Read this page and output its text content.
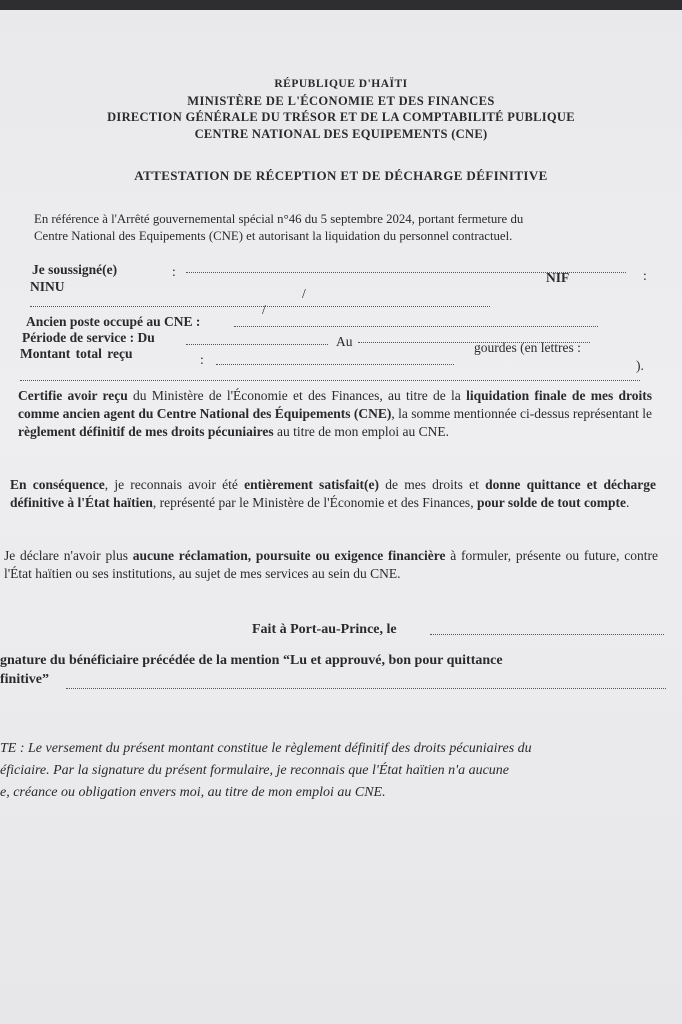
RÉPUBLIQUE D'HAÏTI
MINISTÈRE DE L'ÉCONOMIE ET DES FINANCES
DIRECTION GÉNÉRALE DU TRÉSOR ET DE LA COMPTABILITÉ PUBLIQUE
CENTRE NATIONAL DES EQUIPEMENTS (CNE)
ATTESTATION DE RÉCEPTION ET DE DÉCHARGE DÉFINITIVE
En référence à l'Arrêté gouvernemental spécial n°46 du 5 septembre 2024, portant fermeture du
Centre National des Equipements (CNE) et autorisant la liquidation du personnel contractuel.
Je soussigné(e)	:	NIF	:
NINU	/
/
Ancien poste occupé au CNE :
Période de service : Du	Au
Montant total reçu	:
gourdes (en lettres :
).
Certifie avoir reçu du Ministère de l'Économie et des Finances, au titre de la liquidation finale de mes droits comme ancien agent du Centre National des Équipements (CNE), la somme mentionnée ci-dessus représentant le règlement définitif de mes droits pécuniaires au titre de mon emploi au CNE.
En conséquence, je reconnais avoir été entièrement satisfait(e) de mes droits et donne quittance et décharge définitive à l'État haïtien, représenté par le Ministère de l'Économie et des Finances, pour solde de tout compte.
Je déclare n'avoir plus aucune réclamation, poursuite ou exigence financière à formuler, présente ou future, contre l'État haïtien ou ses institutions, au sujet de mes services au sein du CNE.
Fait à Port-au-Prince, le
gnature du bénéficiaire précédée de la mention “Lu et approuvé, bon pour quittance
finitive”
TE : Le versement du présent montant constitue le règlement définitif des droits pécuniaires du
éficiaire. Par la signature du présent formulaire, je reconnais que l'État haïtien n'a aucune
e, créance ou obligation envers moi, au titre de mon emploi au CNE.
